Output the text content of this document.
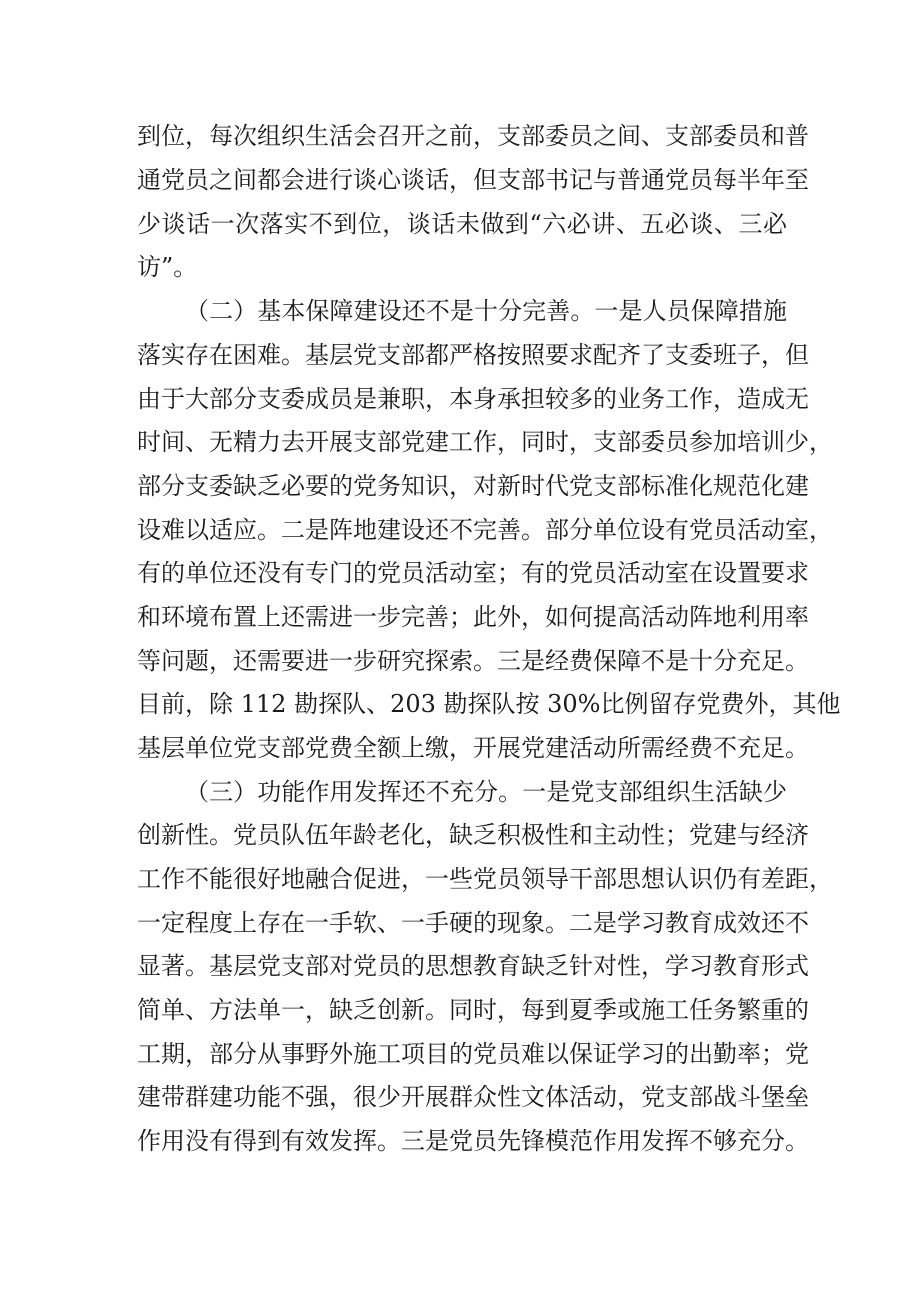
到位，每次组织生活会召开之前，支部委员之间、支部委员和普
通党员之间都会进行谈心谈话，但支部书记与普通党员每半年至
少谈话一次落实不到位，谈话未做到“六必讲、五必谈、三必
访”。
（二）基本保障建设还不是十分完善。一是人员保障措施
落实存在困难。基层党支部都严格按照要求配齐了支委班子，但
由于大部分支委成员是兼职，本身承担较多的业务工作，造成无
时间、无精力去开展支部党建工作，同时，支部委员参加培训少，
部分支委缺乏必要的党务知识，对新时代党支部标准化规范化建
设难以适应。二是阵地建设还不完善。部分单位设有党员活动室，
有的单位还没有专门的党员活动室；有的党员活动室在设置要求
和环境布置上还需进一步完善；此外，如何提高活动阵地利用率
等问题，还需要进一步研究探索。三是经费保障不是十分充足。
目前，除 112 勘探队、203 勘探队按 30%比例留存党费外，其他
基层单位党支部党费全额上缴，开展党建活动所需经费不充足。
（三）功能作用发挥还不充分。一是党支部组织生活缺少
创新性。党员队伍年龄老化，缺乏积极性和主动性；党建与经济
工作不能很好地融合促进，一些党员领导干部思想认识仍有差距，
一定程度上存在一手软、一手硬的现象。二是学习教育成效还不
显著。基层党支部对党员的思想教育缺乏针对性，学习教育形式
简单、方法单一，缺乏创新。同时，每到夏季或施工任务繁重的
工期，部分从事野外施工项目的党员难以保证学习的出勤率；党
建带群建功能不强，很少开展群众性文体活动，党支部战斗堡垒
作用没有得到有效发挥。三是党员先锋模范作用发挥不够充分。
